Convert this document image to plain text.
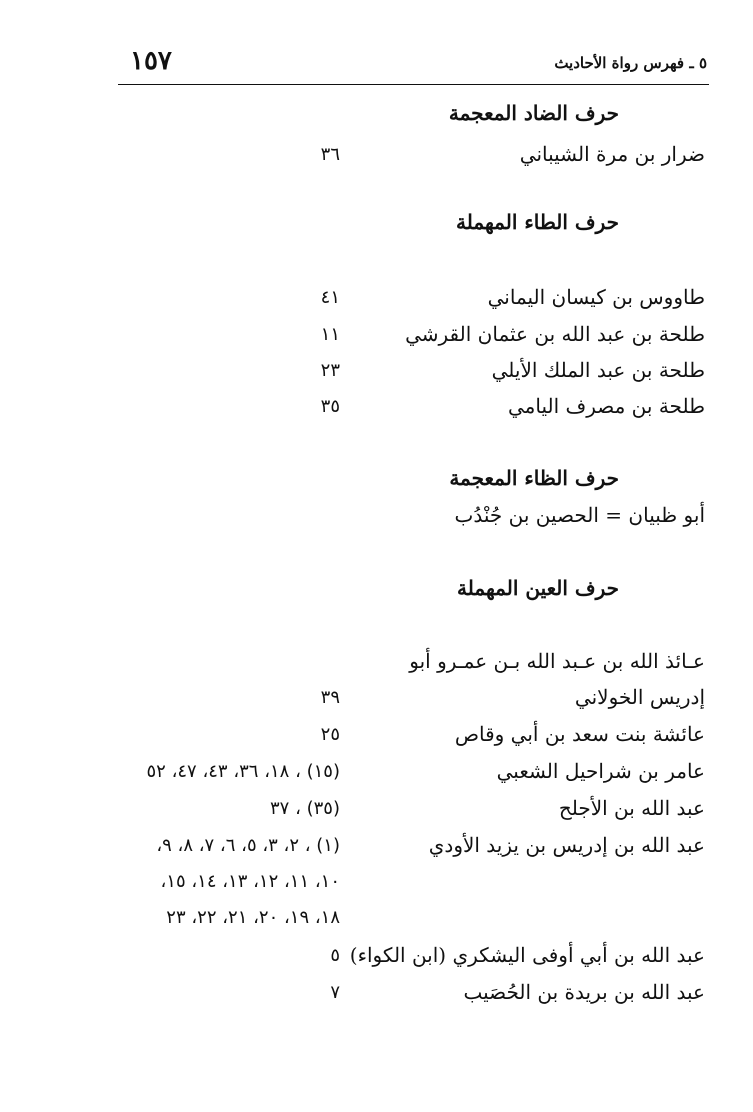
١٥٧	٥ ـ فهرس رواة الأحاديث
حرف الضاد المعجمة
ضرار بن مرة الشيباني
٣٦
حرف الطاء المهملة
طاووس بن كيسان اليماني
٤١
طلحة بن عبد الله بن عثمان القرشي
١١
طلحة بن عبد الملك الأيلي
٢٣
طلحة بن مصرف اليامي
٣٥
حرف الظاء المعجمة
أبو ظبيان = الحصين بن جُنْدُب
حرف العين المهملة
عـائذ الله بن عـبد الله بـن عمـرو أبو
إدريس الخولاني
٣٩
عائشة بنت سعد بن أبي وقاص
٢٥
عامر بن شراحيل الشعبي
(١٥) ، ١٨، ٣٦، ٤٣، ٤٧، ٥٢
عبد الله بن الأجلح
(٣٥) ، ٣٧
عبد الله بن إدريس بن يزيد الأودي
(١) ، ٢، ٣، ٥، ٦، ٧، ٨، ٩،
١٠، ١١، ١٢، ١٣، ١٤، ١٥،
١٨، ١٩، ٢٠، ٢١، ٢٢، ٢٣
عبد الله بن أبي أوفى اليشكري (ابن الكواء)
٥
عبد الله بن بريدة بن الحُصَيب
٧
